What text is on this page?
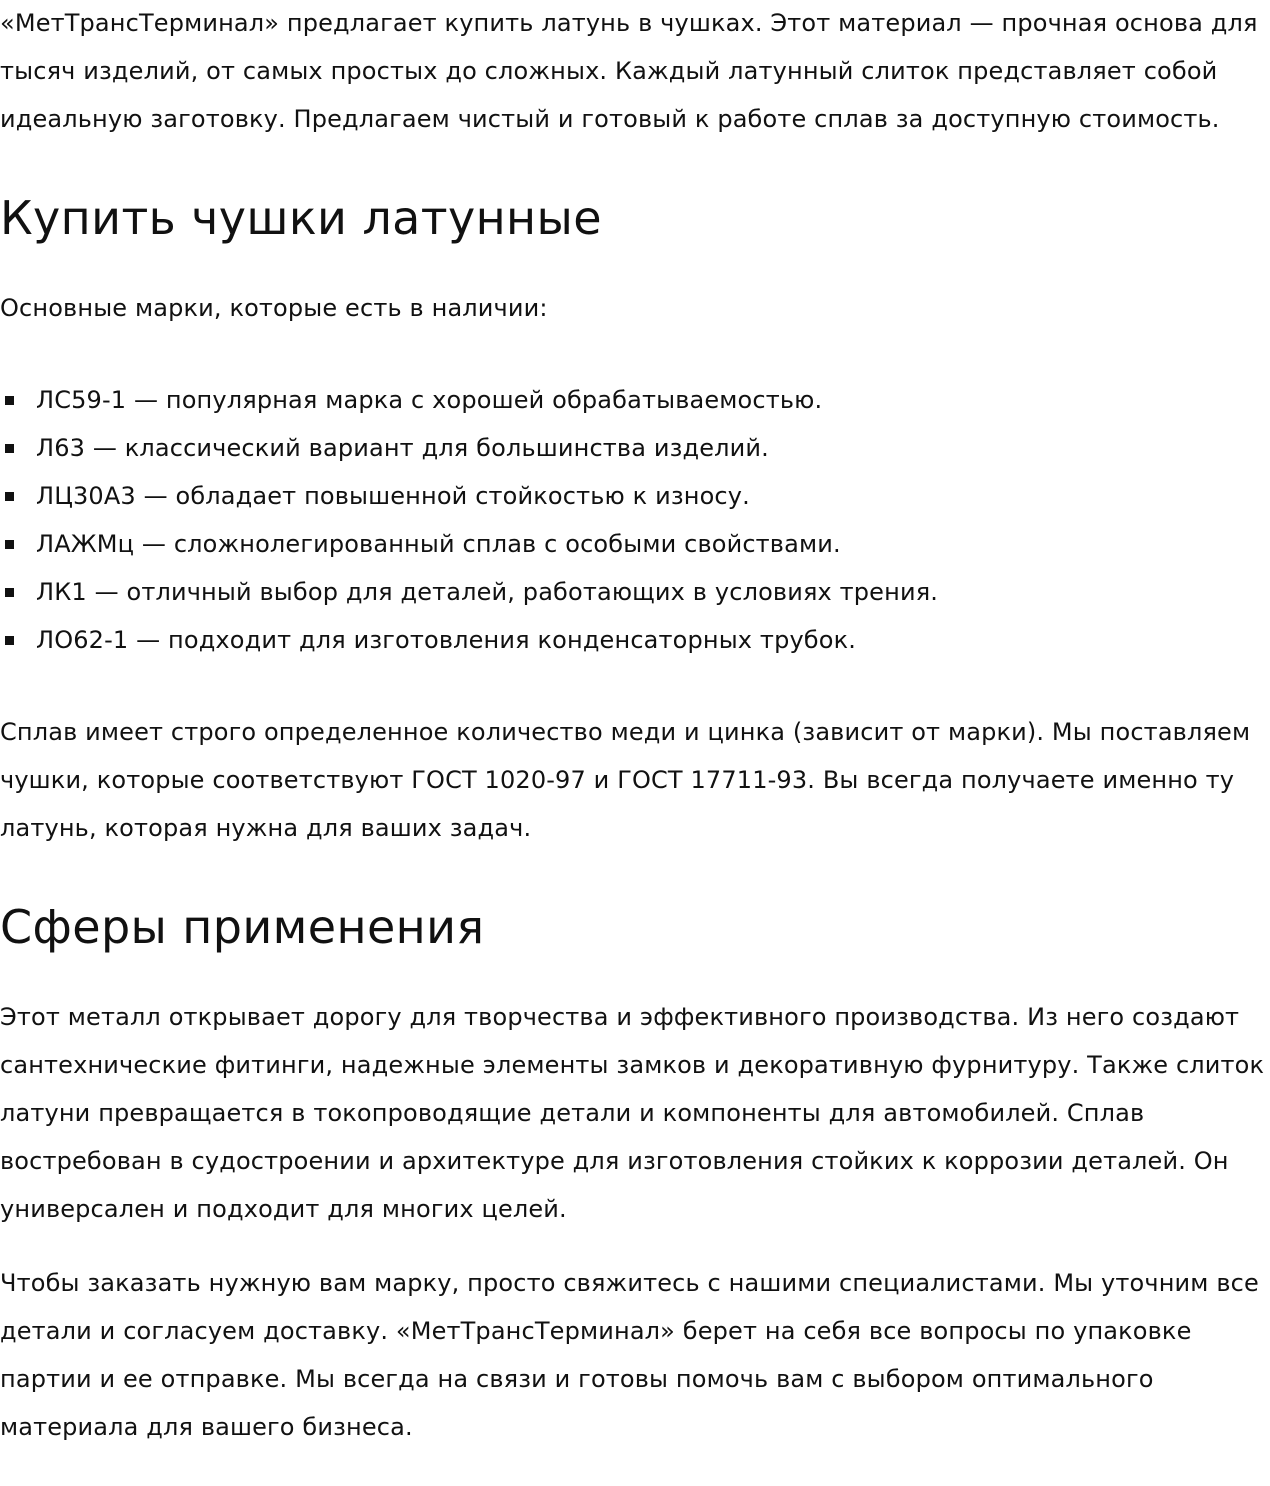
«МетТрансТерминал» предлагает купить латунь в чушках. Этот материал — прочная основа для тысяч изделий, от самых простых до сложных. Каждый латунный слиток представляет собой идеальную заготовку. Предлагаем чистый и готовый к работе сплав за доступную стоимость.

Купить чушки латунные

Основные марки, которые есть в наличии:

ЛС59-1 — популярная марка с хорошей обрабатываемостью.
Л63 — классический вариант для большинства изделий.
ЛЦ30А3 — обладает повышенной стойкостью к износу.
ЛАЖМц — сложнолегированный сплав с особыми свойствами.
ЛК1 — отличный выбор для деталей, работающих в условиях трения.
ЛО62-1 — подходит для изготовления конденсаторных трубок.

Сплав имеет строго определенное количество меди и цинка (зависит от марки). Мы поставляем чушки, которые соответствуют ГОСТ 1020-97 и ГОСТ 17711-93. Вы всегда получаете именно ту латунь, которая нужна для ваших задач.

Сферы применения

Этот металл открывает дорогу для творчества и эффективного производства. Из него создают сантехнические фитинги, надежные элементы замков и декоративную фурнитуру. Также слиток латуни превращается в токопроводящие детали и компоненты для автомобилей. Сплав востребован в судостроении и архитектуре для изготовления стойких к коррозии деталей. Он универсален и подходит для многих целей.

Чтобы заказать нужную вам марку, просто свяжитесь с нашими специалистами. Мы уточним все детали и согласуем доставку. «МетТрансТерминал» берет на себя все вопросы по упаковке партии и ее отправке. Мы всегда на связи и готовы помочь вам с выбором оптимального материала для вашего бизнеса.
